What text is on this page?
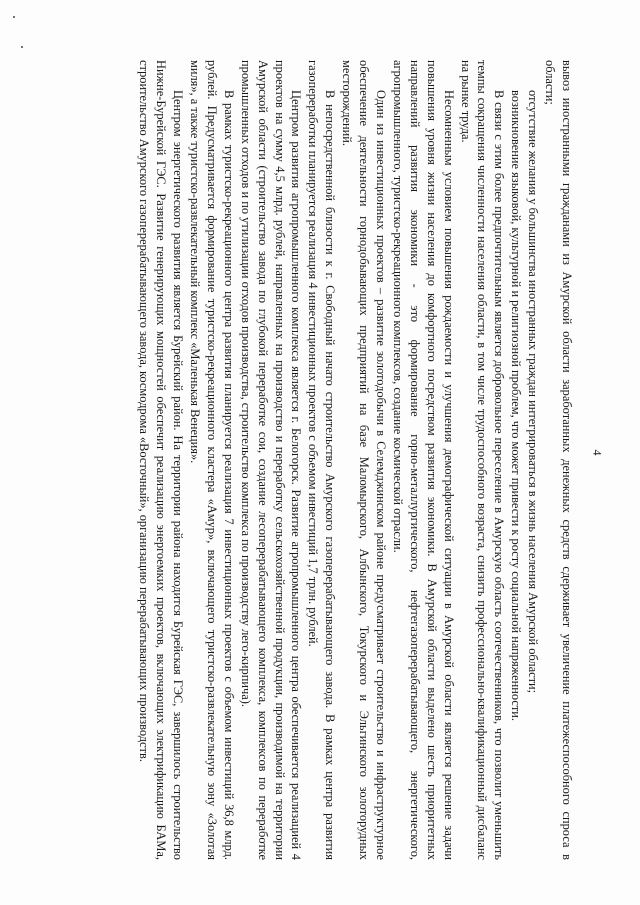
4

вывоз иностранными гражданами из Амурской области заработанных денежных средств сдерживает увеличение платежеспособного спроса в области;

отсутствие желания у большинства иностранных граждан интегрироваться в жизнь населения Амурской области;

возникновение языковой, культурной и религиозной проблем, что может привести к росту социальной напряженности.

В связи с этим более предпочтительным является добровольное переселение в Амурскую область соотечественников, что позволит уменьшить темпы сокращения численности населения области, в том числе трудоспособного возраста, снизить профессионально-квалификационный дисбаланс на рынке труда.

Несомненным условием повышения рождаемости и улучшения демографической ситуации в Амурской области является решение задачи повышения уровня жизни населения до комфортного посредством развития экономики. В Амурской области выделено шесть приоритетных направлений развития экономики - это формирование горно-металлургического, нефтегазоперерабатывающего, энергетического, агропромышленного, туристско-рекреационного комплексов, создание космической отрасли.

Один из инвестиционных проектов – развитие золотодобычи в Селемджинском районе предусматривает строительство и инфраструктурное обеспечение деятельности горнодобывающих предприятий на базе Маломырского, Албынского, Токурского и Эльгинского золоторудных месторождений.

В непосредственной близости к г. Свободный начато строительство Амурского газоперерабатывающего завода. В рамках центра развития газопереработки планируется реализация 4 инвестиционных проектов с объемом инвестиций 1,7 трлн. рублей.

Центром развития агропромышленного комплекса является г. Белогорск. Развитие агропромышленного центра обеспечивается реализацией 4 проектов на сумму 4,5 млрд. рублей, направленных на производство и переработку сельскохозяйственной продукции, производимой на территории Амурской области (строительство завода по глубокой переработке сои, создание лесоперерабатывающего комплекса, комплексов по переработке промышленных отходов и по утилизации отходов производства, строительство комплекса по производству лего-кирпича).

В рамках туристско-рекреационного центра развития планируется реализация 7 инвестиционных проектов с объемом инвестиций 36,8 млрд. рублей. Предусматривается формирование туристско-рекреационного кластера «Амур», включающего туристско-развлекательную зону «Золотая миля», а также туристско-развлекательный комплекс «Маленькая Венеция».

Центром энергетического развития является Бурейский район. На территории района находится Бурейская ГЭС, завершилось строительство Нижне-Бурейской ГЭС. Развитие генерирующих мощностей обеспечит реализацию энергоемких проектов, включающих электрификацию БАМа, строительство Амурского газоперерабатывающего завода, космодрома «Восточный», организацию перерабатывающих производств.
